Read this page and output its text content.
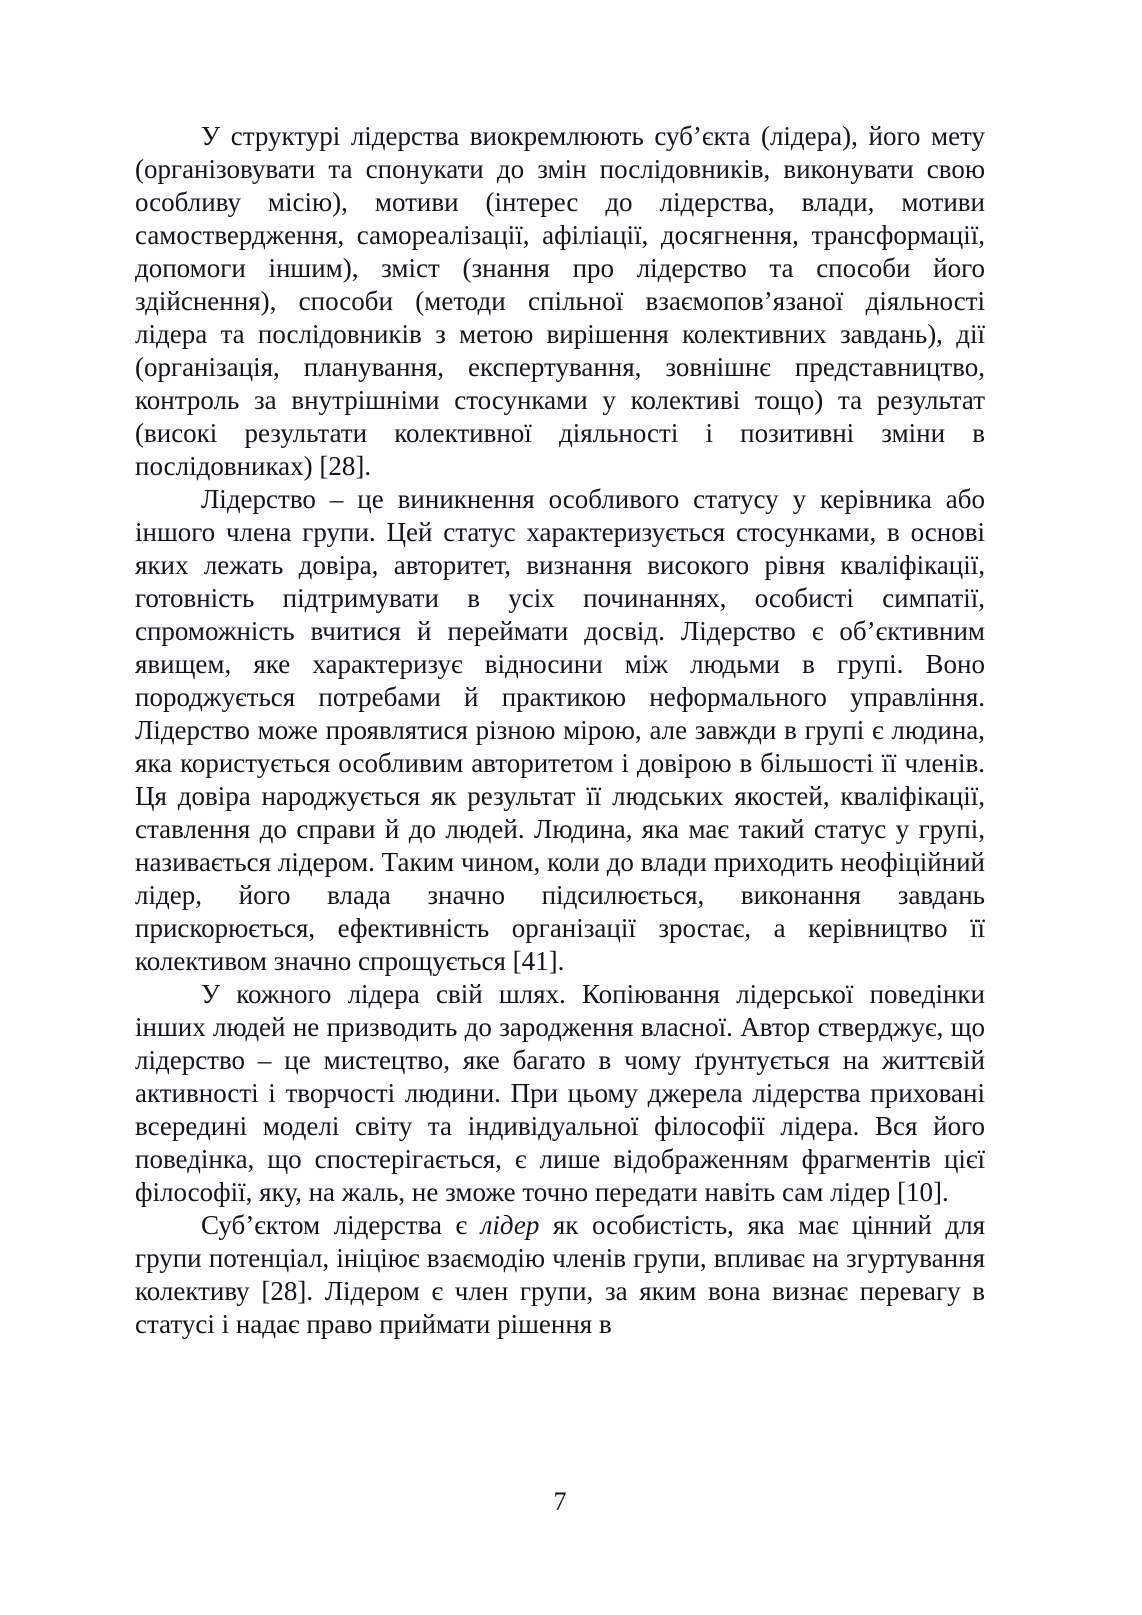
У структурі лідерства виокремлюють суб’єкта (лідера), його мету (організовувати та спонукати до змін послідовників, виконувати свою особливу місію), мотиви (інтерес до лідерства, влади, мотиви самоствердження, самореалізації, афіліації, досягнення, трансформації, допомоги іншим), зміст (знання про лідерство та способи його здійснення), способи (методи спільної взаємопов’язаної діяльності лідера та послідовників з метою вирішення колективних завдань), дії (організація, планування, експертування, зовнішнє представництво, контроль за внутрішніми стосунками у колективі тощо) та результат (високі результати колективної діяльності і позитивні зміни в послідовниках) [28].

Лідерство – це виникнення особливого статусу у керівника або іншого члена групи. Цей статус характеризується стосунками, в основі яких лежать довіра, авторитет, визнання високого рівня кваліфікації, готовність підтримувати в усіх починаннях, особисті симпатії, спроможність вчитися й переймати досвід. Лідерство є об’єктивним явищем, яке характеризує відносини між людьми в групі. Воно породжується потребами й практикою неформального управління. Лідерство може проявлятися різною мірою, але завжди в групі є людина, яка користується особливим авторитетом і довірою в більшості її членів. Ця довіра народжується як результат її людських якостей, кваліфікації, ставлення до справи й до людей. Людина, яка має такий статус у групі, називається лідером. Таким чином, коли до влади приходить неофіційний лідер, його влада значно підсилюється, виконання завдань прискорюється, ефективність організації зростає, а керівництво її колективом значно спрощується [41].

У кожного лідера свій шлях. Копіювання лідерської поведінки інших людей не призводить до зародження власної. Автор стверджує, що лідерство – це мистецтво, яке багато в чому ґрунтується на життєвій активності і творчості людини. При цьому джерела лідерства приховані всередині моделі світу та індивідуальної філософії лідера. Вся його поведінка, що спостерігається, є лише відображенням фрагментів цієї філософії, яку, на жаль, не зможе точно передати навіть сам лідер [10].

Суб’єктом лідерства є лідер як особистість, яка має цінний для групи потенціал, ініціює взаємодію членів групи, впливає на згуртування колективу [28]. Лідером є член групи, за яким вона визнає перевагу в статусі і надає право приймати рішення в

7
